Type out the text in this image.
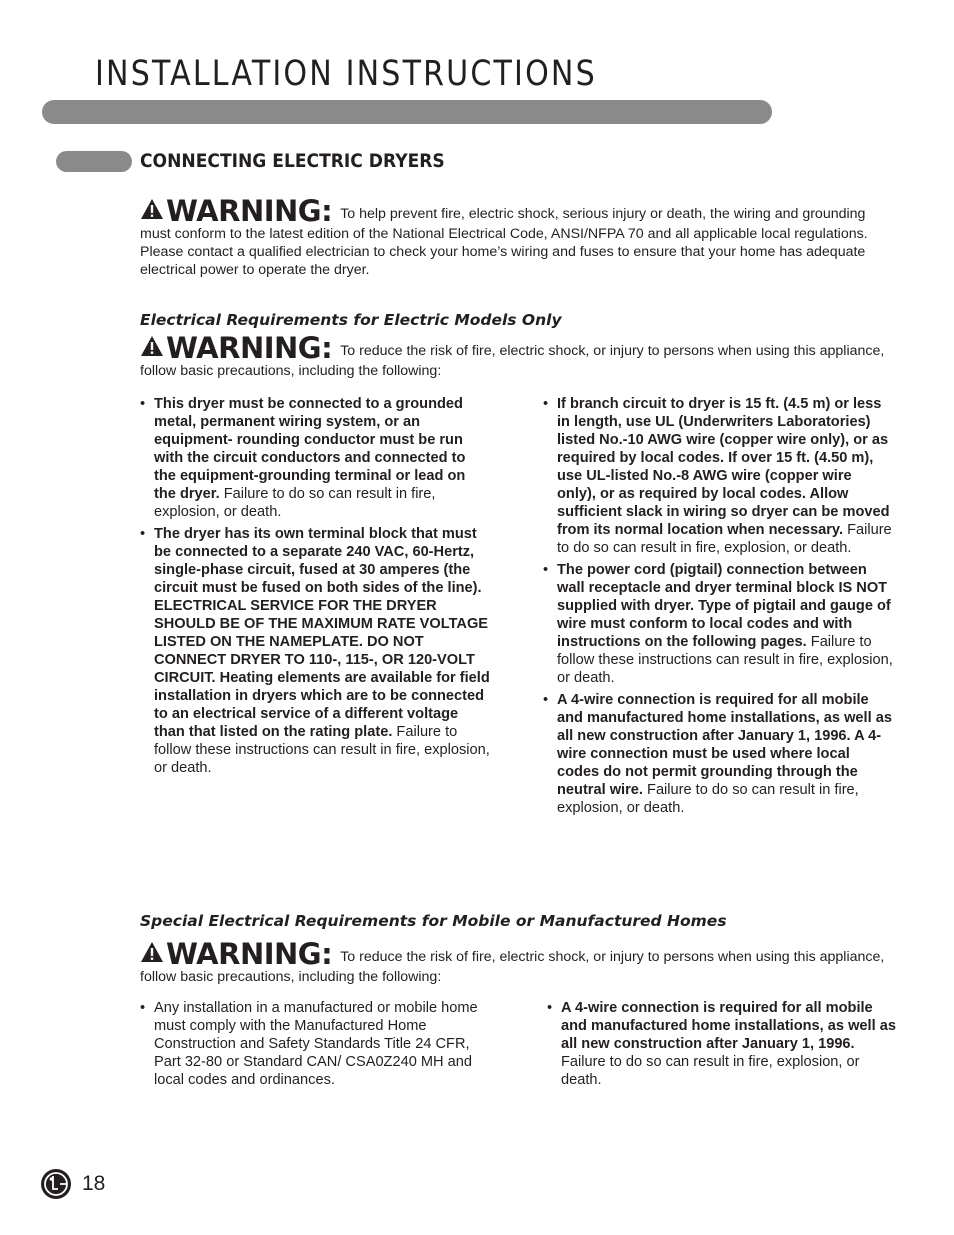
INSTALLATION INSTRUCTIONS
CONNECTING ELECTRIC DRYERS
WARNING: To help prevent fire, electric shock, serious injury or death, the wiring and grounding must conform to the latest edition of the National Electrical Code, ANSI/NFPA 70 and all applicable local regulations. Please contact a qualified electrician to check your home’s wiring and fuses to ensure that your home has adequate electrical power to operate the dryer.
Electrical Requirements for Electric Models Only
WARNING: To reduce the risk of fire, electric shock, or injury to persons when using this appliance, follow basic precautions, including the following:
• This dryer must be connected to a grounded metal, permanent wiring system, or an equipment- rounding conductor must be run with the circuit conductors and connected to the equipment-grounding terminal or lead on the dryer. Failure to do so can result in fire, explosion, or death.
• The dryer has its own terminal block that must be connected to a separate 240 VAC, 60-Hertz, single-phase circuit, fused at 30 amperes (the circuit must be fused on both sides of the line). ELECTRICAL SERVICE FOR THE DRYER SHOULD BE OF THE MAXIMUM RATE VOLTAGE LISTED ON THE NAMEPLATE. DO NOT CONNECT DRYER TO 110-, 115-, OR 120-VOLT CIRCUIT. Heating elements are available for field installation in dryers which are to be connected to an electrical service of a different voltage than that listed on the rating plate. Failure to follow these instructions can result in fire, explosion, or death.
• If branch circuit to dryer is 15 ft. (4.5 m) or less in length, use UL (Underwriters Laboratories) listed No.-10 AWG wire (copper wire only), or as required by local codes. If over 15 ft. (4.50 m), use UL-listed No.-8 AWG wire (copper wire only), or as required by local codes. Allow sufficient slack in wiring so dryer can be moved from its normal location when necessary. Failure to do so can result in fire, explosion, or death.
• The power cord (pigtail) connection between wall receptacle and dryer terminal block IS NOT supplied with dryer. Type of pigtail and gauge of wire must conform to local codes and with instructions on the following pages. Failure to follow these instructions can result in fire, explosion, or death.
• A 4-wire connection is required for all mobile and manufactured home installations, as well as all new construction after January 1, 1996. A 4-wire connection must be used where local codes do not permit grounding through the neutral wire. Failure to do so can result in fire, explosion, or death.
Special Electrical Requirements for Mobile or Manufactured Homes
WARNING: To reduce the risk of fire, electric shock, or injury to persons when using this appliance, follow basic precautions, including the following:
• Any installation in a manufactured or mobile home must comply with the Manufactured Home Construction and Safety Standards Title 24 CFR, Part 32-80 or Standard CAN/ CSA0Z240 MH and local codes and ordinances.
• A 4-wire connection is required for all mobile and manufactured home installations, as well as all new construction after January 1, 1996. Failure to do so can result in fire, explosion, or death.
18
